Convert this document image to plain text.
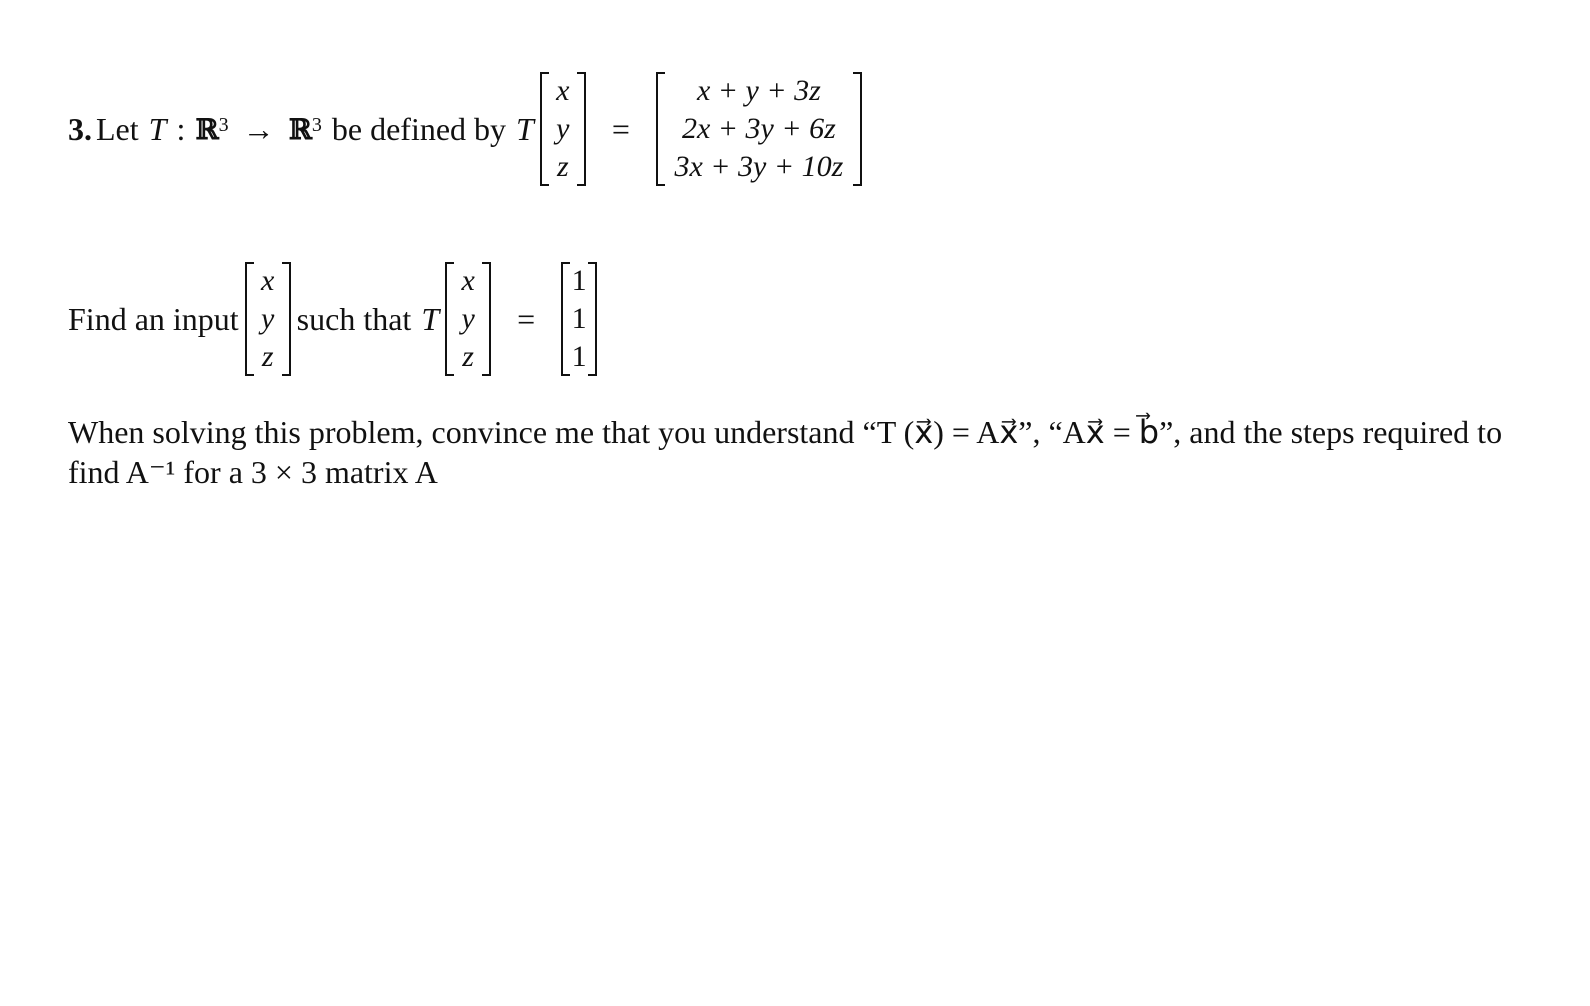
3. Let T : ℝ$^3$ → ℝ$^3$ be defined by T
x
y
z
=
x + y + 3z
2x + 3y + 6z
3x + 3y + 10z
Find an input
x
y
z
such that T
x
y
z
=
1
1
1
When solving this problem, convince me that you understand “T (x⃗) = Ax⃗”, “Ax⃗ = b⃗”, and the steps required to
find A⁻¹ for a 3 × 3 matrix A
